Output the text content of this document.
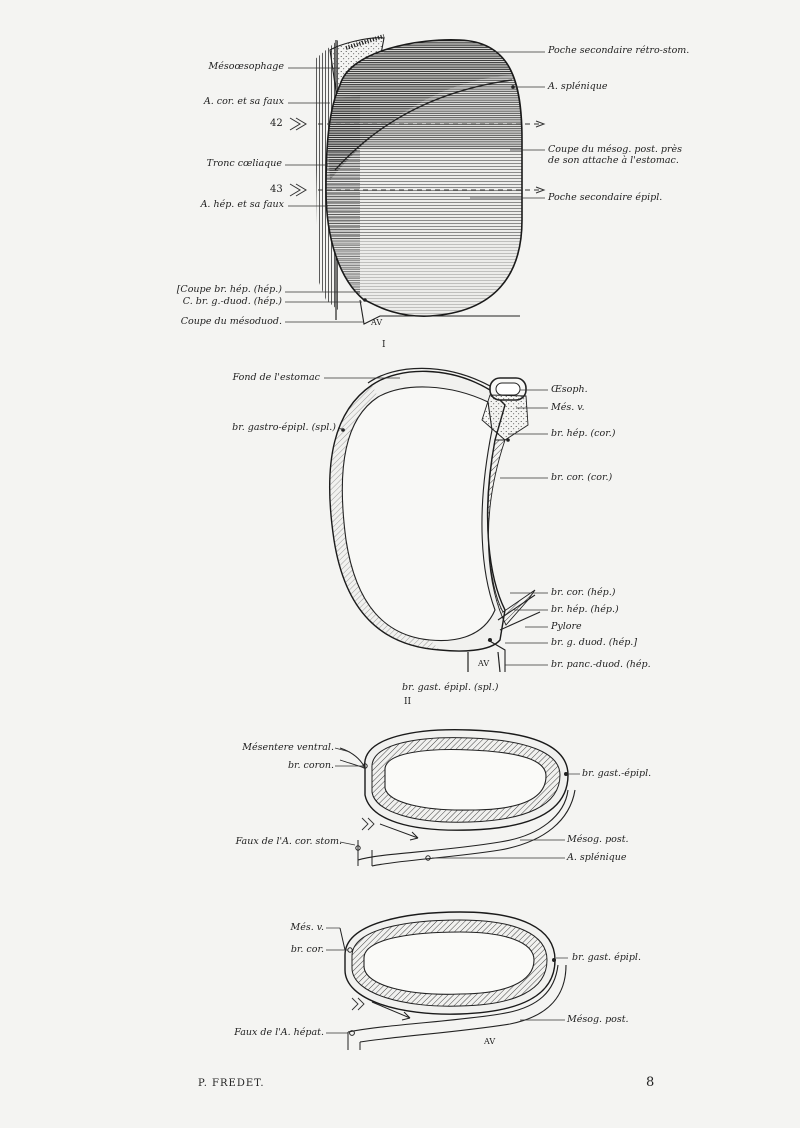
Mésoœsophage
A. cor. et sa faux
42
Tronc cœliaque
43
A. hép. et sa faux
[Coupe br. hép. (hép.)
C. br. g.-duod. (hép.)
Coupe du mésoduod.
Poche secondaire rétro-stom.
A. splénique
Coupe du mésog. post. près
de son attache à l'estomac.
Poche secondaire épipl.
AV
I
Fond de l'estomac
Œsoph.
Més. v.
br. gastro-épipl. (spl.)
br. hép. (cor.)
br. cor. (cor.)
br. cor. (hép.)
br. hép. (hép.)
Pylore
br. g. duod. (hép.]
br. panc.-duod. (hép.
AV
br. gast. épipl. (spl.)
II
Mésentere ventral.
br. coron.
br. gast.-épipl.
Faux de l'A. cor. stom.	Mésog. post.
A. splénique
Més. v.
br. cor.
br. gast. épipl.
Mésog. post.
Faux de l'A. hépat.
AV
P. FREDET.	8
